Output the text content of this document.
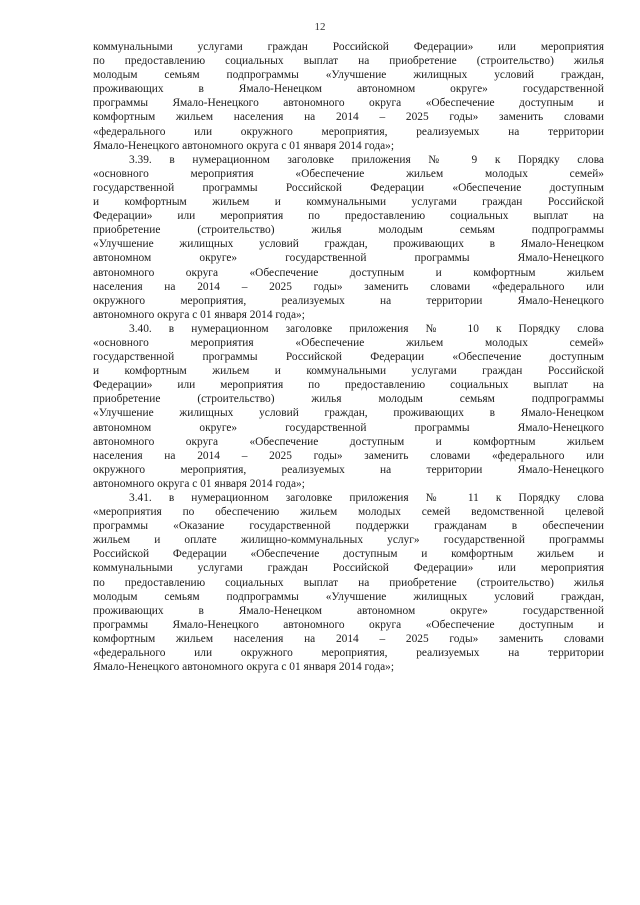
12
коммунальными услугами граждан Российской Федерации» или мероприятия
по предоставлению социальных выплат на приобретение (строительство) жилья
молодым семьям подпрограммы «Улучшение жилищных условий граждан,
проживающих в Ямало-Ненецком автономном округе» государственной
программы Ямало-Ненецкого автономного округа «Обеспечение доступным и
комфортным жильем населения на 2014 – 2025 годы» заменить словами
«федерального или окружного мероприятия, реализуемых на территории
Ямало-Ненецкого автономного округа с 01 января 2014 года»;
3.39. в нумерационном заголовке приложения № 9 к Порядку слова
«основного мероприятия «Обеспечение жильем молодых семей»
государственной программы Российской Федерации «Обеспечение доступным
и комфортным жильем и коммунальными услугами граждан Российской
Федерации» или мероприятия по предоставлению социальных выплат на
приобретение (строительство) жилья молодым семьям подпрограммы
«Улучшение жилищных условий граждан, проживающих в Ямало-Ненецком
автономном округе» государственной программы Ямало-Ненецкого
автономного округа «Обеспечение доступным и комфортным жильем
населения на 2014 – 2025 годы» заменить словами «федерального или
окружного мероприятия, реализуемых на территории Ямало-Ненецкого
автономного округа с 01 января 2014 года»;
3.40. в нумерационном заголовке приложения № 10 к Порядку слова
«основного мероприятия «Обеспечение жильем молодых семей»
государственной программы Российской Федерации «Обеспечение доступным
и комфортным жильем и коммунальными услугами граждан Российской
Федерации» или мероприятия по предоставлению социальных выплат на
приобретение (строительство) жилья молодым семьям подпрограммы
«Улучшение жилищных условий граждан, проживающих в Ямало-Ненецком
автономном округе» государственной программы Ямало-Ненецкого
автономного округа «Обеспечение доступным и комфортным жильем
населения на 2014 – 2025 годы» заменить словами «федерального или
окружного мероприятия, реализуемых на территории Ямало-Ненецкого
автономного округа с 01 января 2014 года»;
3.41. в нумерационном заголовке приложения № 11 к Порядку слова
«мероприятия по обеспечению жильем молодых семей ведомственной целевой
программы «Оказание государственной поддержки гражданам в обеспечении
жильем и оплате жилищно-коммунальных услуг» государственной программы
Российской Федерации «Обеспечение доступным и комфортным жильем и
коммунальными услугами граждан Российской Федерации» или мероприятия
по предоставлению социальных выплат на приобретение (строительство) жилья
молодым семьям подпрограммы «Улучшение жилищных условий граждан,
проживающих в Ямало-Ненецком автономном округе» государственной
программы Ямало-Ненецкого автономного округа «Обеспечение доступным и
комфортным жильем населения на 2014 – 2025 годы» заменить словами
«федерального или окружного мероприятия, реализуемых на территории
Ямало-Ненецкого автономного округа с 01 января 2014 года»;
